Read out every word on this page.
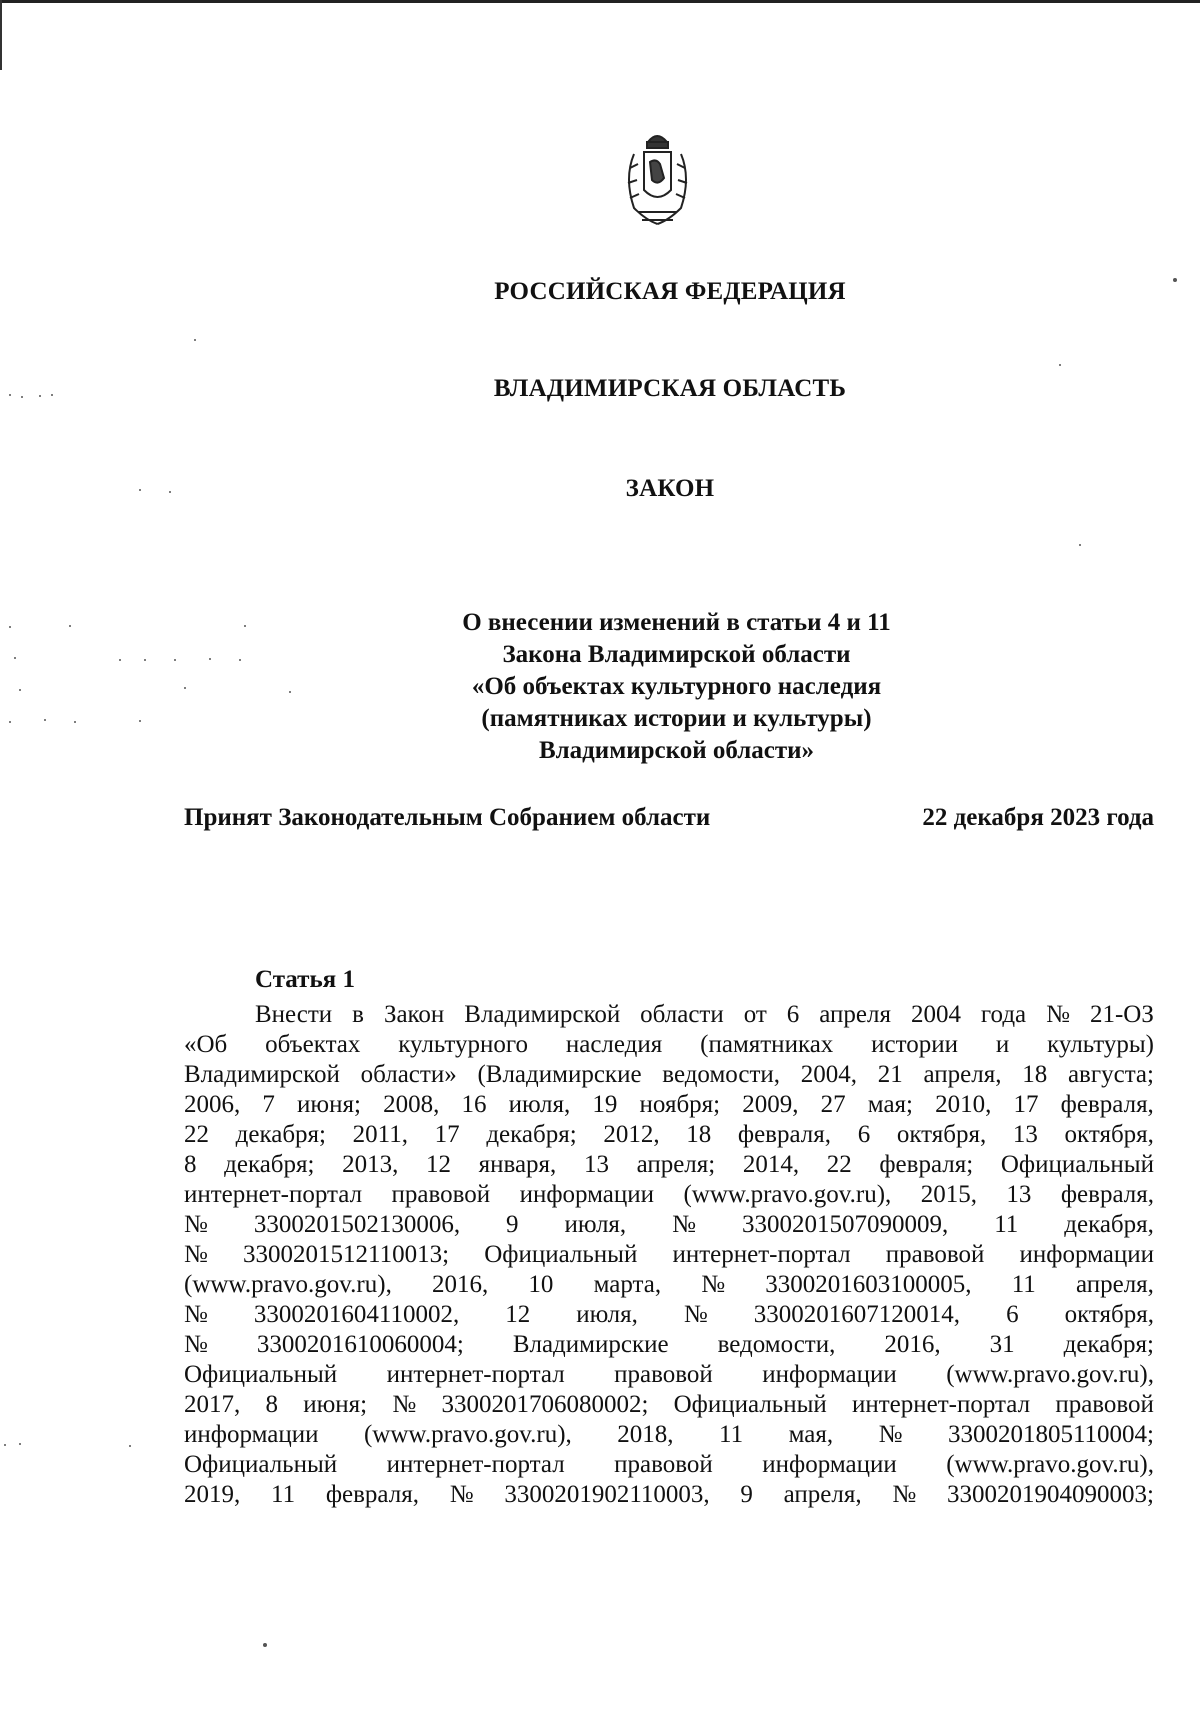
РОССИЙСКАЯ ФЕДЕРАЦИЯ
ВЛАДИМИРСКАЯ ОБЛАСТЬ
ЗАКОН
О внесении изменений в статьи 4 и 11
Закона Владимирской области
«Об объектах культурного наследия
(памятниках истории и культуры)
Владимирской области»
Принят Законодательным Собранием области	22 декабря 2023 года
Статья 1
Внести в Закон Владимирской области от 6 апреля 2004 года № 21-ОЗ
«Об объектах культурного наследия (памятниках истории и культуры)
Владимирской области» (Владимирские ведомости, 2004, 21 апреля, 18 августа;
2006, 7 июня; 2008, 16 июля, 19 ноября; 2009, 27 мая; 2010, 17 февраля,
22 декабря; 2011, 17 декабря; 2012, 18 февраля, 6 октября, 13 октября,
8 декабря; 2013, 12 января, 13 апреля; 2014, 22 февраля; Официальный
интернет-портал правовой информации (www.pravo.gov.ru), 2015, 13 февраля,
№ 3300201502130006, 9 июля, № 3300201507090009, 11 декабря,
№ 3300201512110013; Официальный интернет-портал правовой информации
(www.pravo.gov.ru), 2016, 10 марта, № 3300201603100005, 11 апреля,
№ 3300201604110002, 12 июля, № 3300201607120014, 6 октября,
№ 3300201610060004; Владимирские ведомости, 2016, 31 декабря;
Официальный интернет-портал правовой информации (www.pravo.gov.ru),
2017, 8 июня; № 3300201706080002; Официальный интернет-портал правовой
информации (www.pravo.gov.ru), 2018, 11 мая, № 3300201805110004;
Официальный интернет-портал правовой информации (www.pravo.gov.ru),
2019, 11 февраля, № 3300201902110003, 9 апреля, № 3300201904090003;
